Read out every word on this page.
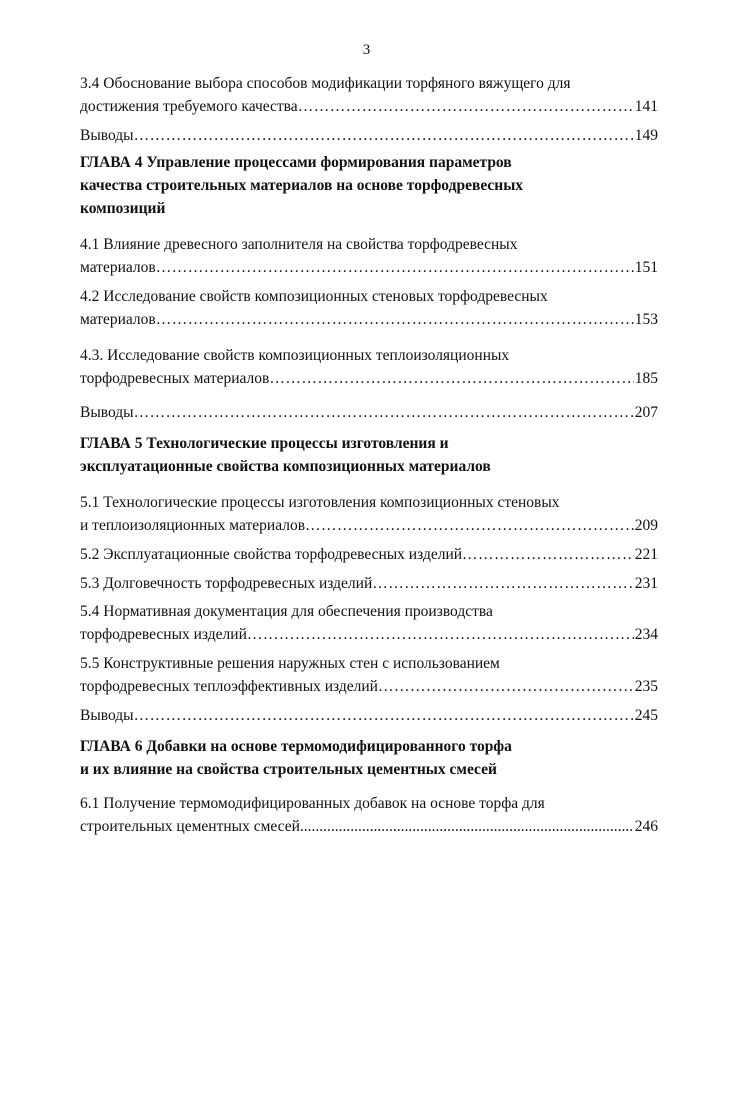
3
3.4 Обоснование выбора способов модификации торфяного вяжущего для
достижения требуемого качества ……………………………………………………………………………………………………………………………………………………………………………………………………	141
Выводы ……………………………………………………………………………………………………………………………………………………………………………………………………	149
ГЛАВА 4 Управление процессами формирования параметров
качества строительных материалов на основе торфодревесных
композиций
4.1 Влияние древесного заполнителя на свойства торфодревесных
материалов ……………………………………………………………………………………………………………………………………………………………………………………………………	151
4.2 Исследование свойств композиционных стеновых торфодревесных
материалов ……………………………………………………………………………………………………………………………………………………………………………………………………	153
4.3. Исследование свойств композиционных теплоизоляционных
торфодревесных материалов ……………………………………………………………………………………………………………………………………………………………………………………………………	185
Выводы ……………………………………………………………………………………………………………………………………………………………………………………………………	207
ГЛАВА 5 Технологические процессы изготовления и
эксплуатационные свойства композиционных материалов
5.1 Технологические процессы изготовления композиционных стеновых
и теплоизоляционных материалов ……………………………………………………………………………………………………………………………………………………………………………………………………	209
5.2 Эксплуатационные свойства торфодревесных изделий ……………………………………………………………………………………………………………………………………………………………………………………………………	221
5.3 Долговечность торфодревесных изделий ……………………………………………………………………………………………………………………………………………………………………………………………………	231
5.4 Нормативная документация для обеспечения производства
торфодревесных изделий ……………………………………………………………………………………………………………………………………………………………………………………………………	234
5.5 Конструктивные решения наружных стен с использованием
торфодревесных теплоэффективных изделий ……………………………………………………………………………………………………………………………………………………………………………………………………	235
Выводы ……………………………………………………………………………………………………………………………………………………………………………………………………	245
ГЛАВА 6 Добавки на основе термомодифицированного торфа
и их влияние на свойства строительных цементных смесей
6.1 Получение термомодифицированных добавок на основе торфа для
строительных цементных смесей .....	246
